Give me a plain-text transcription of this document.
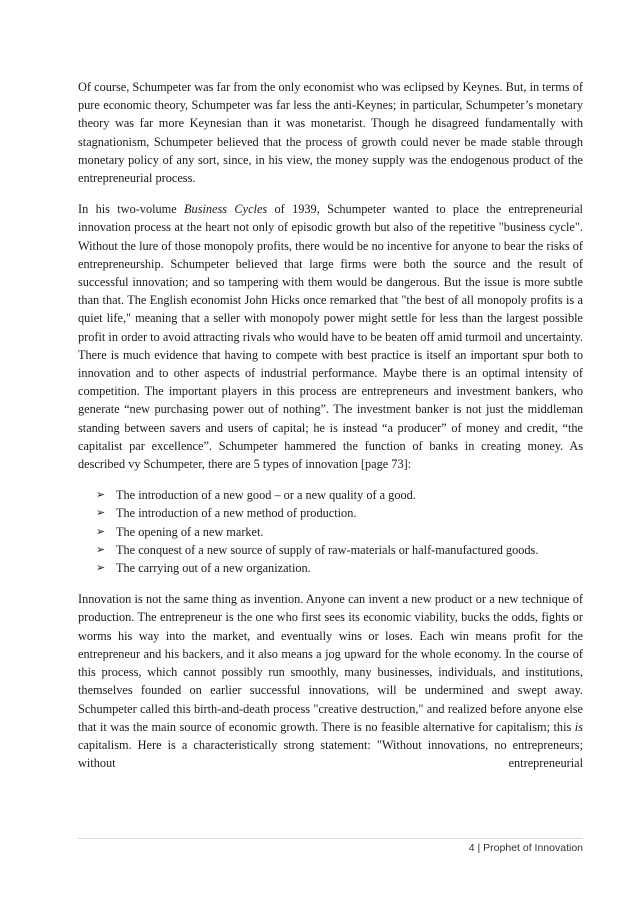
Of course, Schumpeter was far from the only economist who was eclipsed by Keynes. But, in terms of pure economic theory, Schumpeter was far less the anti-Keynes; in particular, Schumpeter’s monetary theory was far more Keynesian than it was monetarist. Though he disagreed fundamentally with stagnationism, Schumpeter believed that the process of growth could never be made stable through monetary policy of any sort, since, in his view, the money supply was the endogenous product of the entrepreneurial process.

In his two-volume Business Cycles of 1939, Schumpeter wanted to place the entrepreneurial innovation process at the heart not only of episodic growth but also of the repetitive "business cycle". Without the lure of those monopoly profits, there would be no incentive for anyone to bear the risks of entrepreneurship. Schumpeter believed that large firms were both the source and the result of successful innovation; and so tampering with them would be dangerous. But the issue is more subtle than that. The English economist John Hicks once remarked that "the best of all monopoly profits is a quiet life," meaning that a seller with monopoly power might settle for less than the largest possible profit in order to avoid attracting rivals who would have to be beaten off amid turmoil and uncertainty. There is much evidence that having to compete with best practice is itself an important spur both to innovation and to other aspects of industrial performance. Maybe there is an optimal intensity of competition. The important players in this process are entrepreneurs and investment bankers, who generate “new purchasing power out of nothing”. The investment banker is not just the middleman standing between savers and users of capital; he is instead “a producer” of money and credit, “the capitalist par excellence”. Schumpeter hammered the function of banks in creating money. As described vy Schumpeter, there are 5 types of innovation [page 73]:

➢ The introduction of a new good – or a new quality of a good.
➢ The introduction of a new method of production.
➢ The opening of a new market.
➢ The conquest of a new source of supply of raw-materials or half-manufactured goods.
➢ The carrying out of a new organization.

Innovation is not the same thing as invention. Anyone can invent a new product or a new technique of production. The entrepreneur is the one who first sees its economic viability, bucks the odds, fights or worms his way into the market, and eventually wins or loses. Each win means profit for the entrepreneur and his backers, and it also means a jog upward for the whole economy. In the course of this process, which cannot possibly run smoothly, many businesses, individuals, and institutions, themselves founded on earlier successful innovations, will be undermined and swept away. Schumpeter called this birth-and-death process "creative destruction," and realized before anyone else that it was the main source of economic growth. There is no feasible alternative for capitalism; this is capitalism. Here is a characteristically strong statement: "Without innovations, no entrepreneurs; without entrepreneurial

4 | Prophet of Innovation
